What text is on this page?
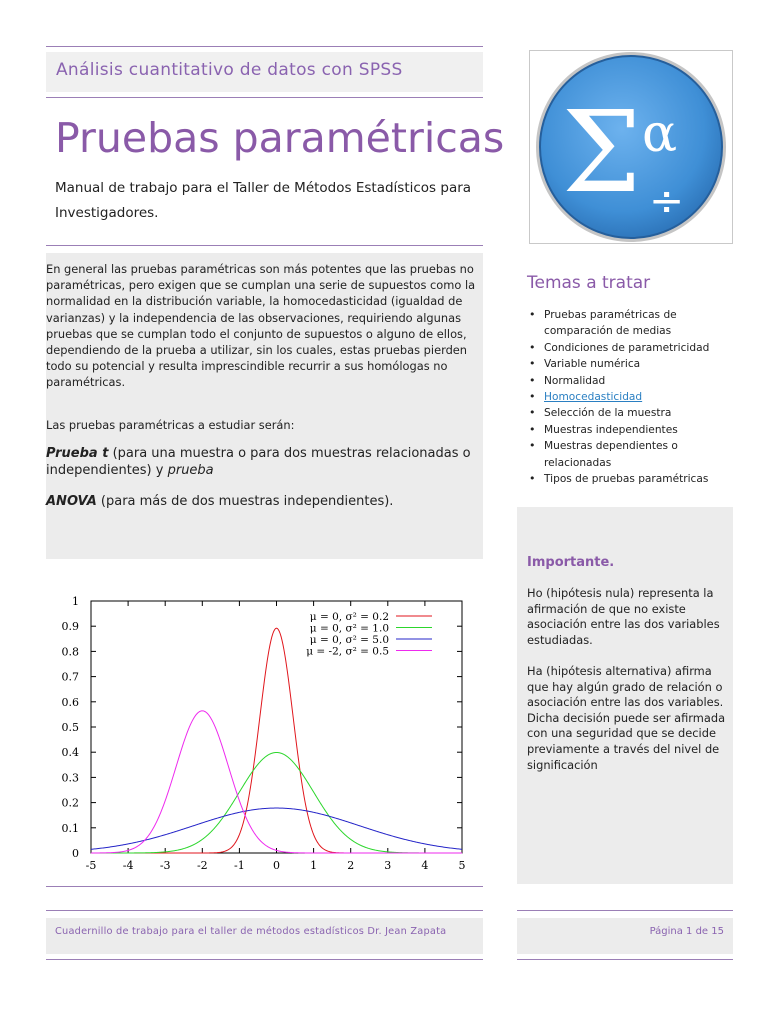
Análisis cuantitativo de datos con SPSS
Pruebas paramétricas
Manual de trabajo para el Taller de Métodos Estadísticos para Investigadores.	Σ α
÷

En general las pruebas paramétricas son más potentes que las pruebas no paramétricas, pero exigen que se cumplan una serie de supuestos como la normalidad en la distribución variable, la homocedasticidad (igualdad de varianzas) y la independencia de las observaciones, requiriendo algunas pruebas que se cumplan todo el conjunto de supuestos o alguno de ellos, dependiendo de la prueba a utilizar, sin los cuales, estas pruebas pierden todo su potencial y resulta imprescindible recurrir a sus homólogas no paramétricas.

Las pruebas paramétricas a estudiar serán:

Prueba t (para una muestra o para dos muestras relacionadas o independientes) y prueba

ANOVA (para más de dos muestras independientes).

Temas a tratar
• Pruebas paramétricas de comparación de medias
• Condiciones de parametricidad
• Variable numérica
• Normalidad
• Homocedasticidad
• Selección de la muestra
• Muestras independientes
• Muestras dependientes o relacionadas
• Tipos de pruebas paramétricas
Importante.

Ho (hipótesis nula) representa la afirmación de que no existe asociación entre las dos variables estudiadas.

Ha (hipótesis alternativa) afirma que hay algún grado de relación o asociación entre las dos variables. Dicha decisión puede ser afirmada con una seguridad que se decide previamente a través del nivel de significación

-5 -4 -3 -2 -1	0	1	2	3	4	5
0
0.1
0.2
0.3
0.4
0.5
0.6
0.7
0.8
0.9
1
μ = 0, σ² = 0.2
μ = 0, σ² = 1.0
μ = 0, σ² = 5.0
μ = -2, σ² = 0.5
Cuadernillo de trabajo para el taller de métodos estadísticos Dr. Jean Zapata	Página 1 de 15
